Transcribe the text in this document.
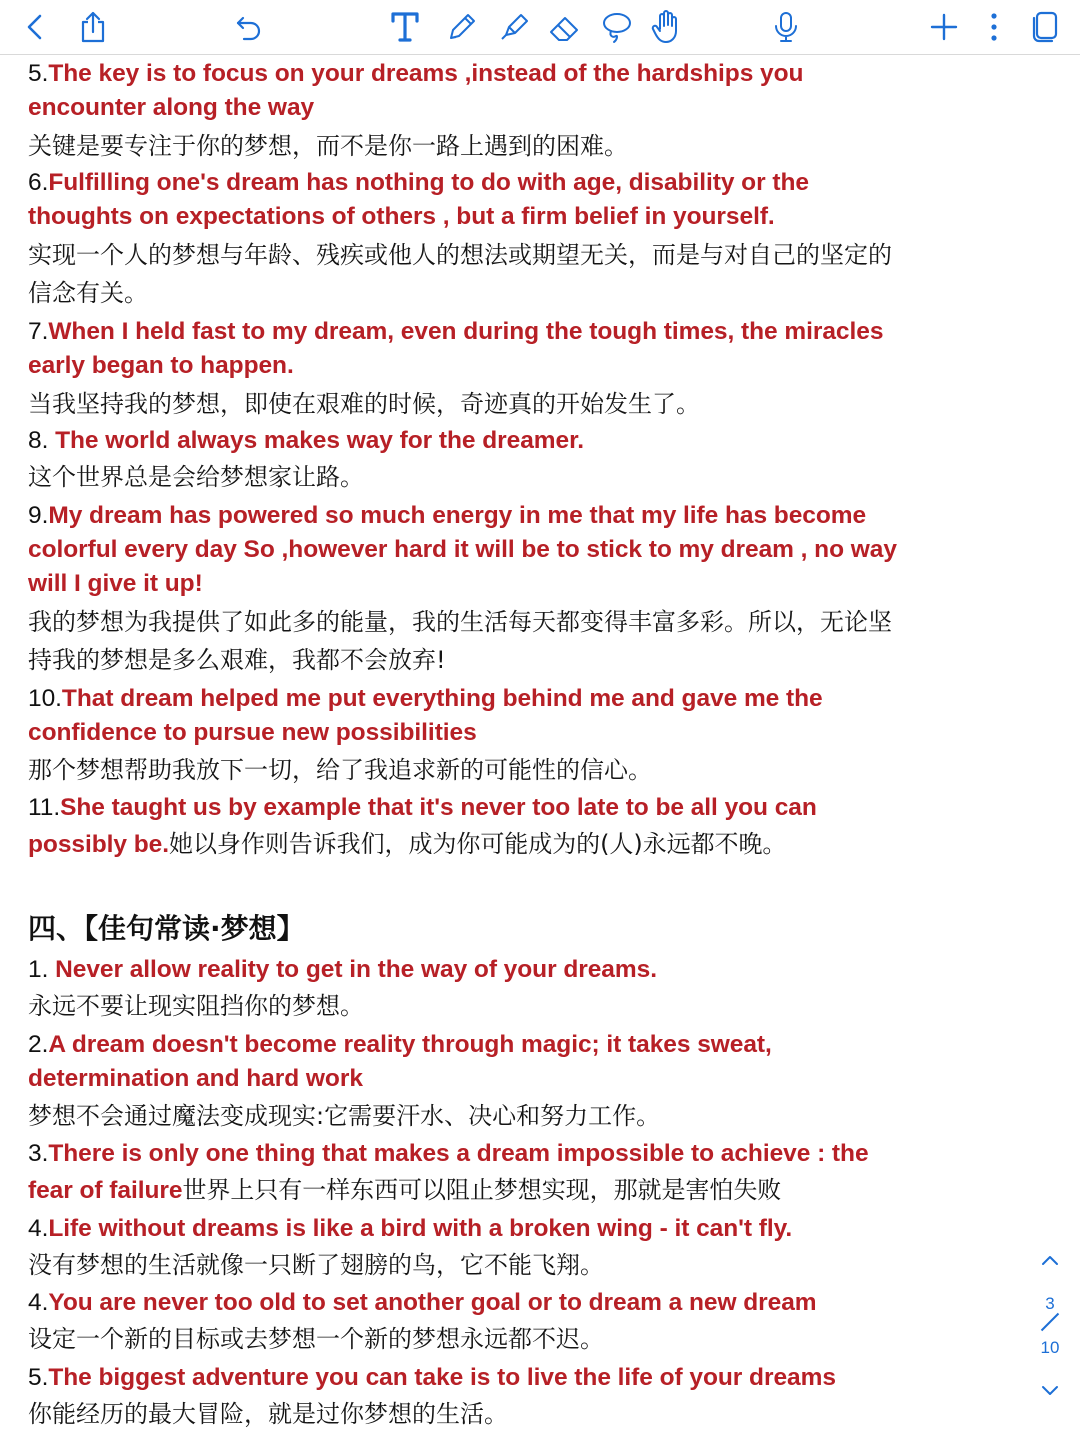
5.The key is to focus on your dreams ,instead of the hardships you
encounter along the way
关键是要专注于你的梦想，而不是你一路上遇到的困难。
6.Fulfilling one's dream has nothing to do with age, disability or the
thoughts on expectations of others , but a firm belief in yourself.
实现一个人的梦想与年龄、残疾或他人的想法或期望无关，而是与对自己的坚定的
信念有关。
7.When I held fast to my dream, even during the tough times, the miracles
early began to happen.
当我坚持我的梦想，即使在艰难的时候，奇迹真的开始发生了。
8. The world always makes way for the dreamer.
这个世界总是会给梦想家让路。
9.My dream has powered so much energy in me that my life has become
colorful every day So ,however hard it will be to stick to my dream , no way
will I give it up!
我的梦想为我提供了如此多的能量，我的生活每天都变得丰富多彩。所以，无论坚
持我的梦想是多么艰难，我都不会放弃!
10.That dream helped me put everything behind me and gave me the
confidence to pursue new possibilities
那个梦想帮助我放下一切，给了我追求新的可能性的信心。
11.She taught us by example that it's never too late to be all you can
possibly be.她以身作则告诉我们，成为你可能成为的(人)永远都不晚。
四、【佳句常读·梦想】
1. Never allow reality to get in the way of your dreams.
永远不要让现实阻挡你的梦想。
2.A dream doesn't become reality through magic; it takes sweat,
determination and hard work
梦想不会通过魔法变成现实:它需要汗水、决心和努力工作。
3.There is only one thing that makes a dream impossible to achieve : the
fear of failure世界上只有一样东西可以阻止梦想实现，那就是害怕失败
4.Life without dreams is like a bird with a broken wing - it can't fly.
没有梦想的生活就像一只断了翅膀的鸟，它不能飞翔。
4.You are never too old to set another goal or to dream a new dream
设定一个新的目标或去梦想一个新的梦想永远都不迟。
5.The biggest adventure you can take is to live the life of your dreams
你能经历的最大冒险，就是过你梦想的生活。
3
10
